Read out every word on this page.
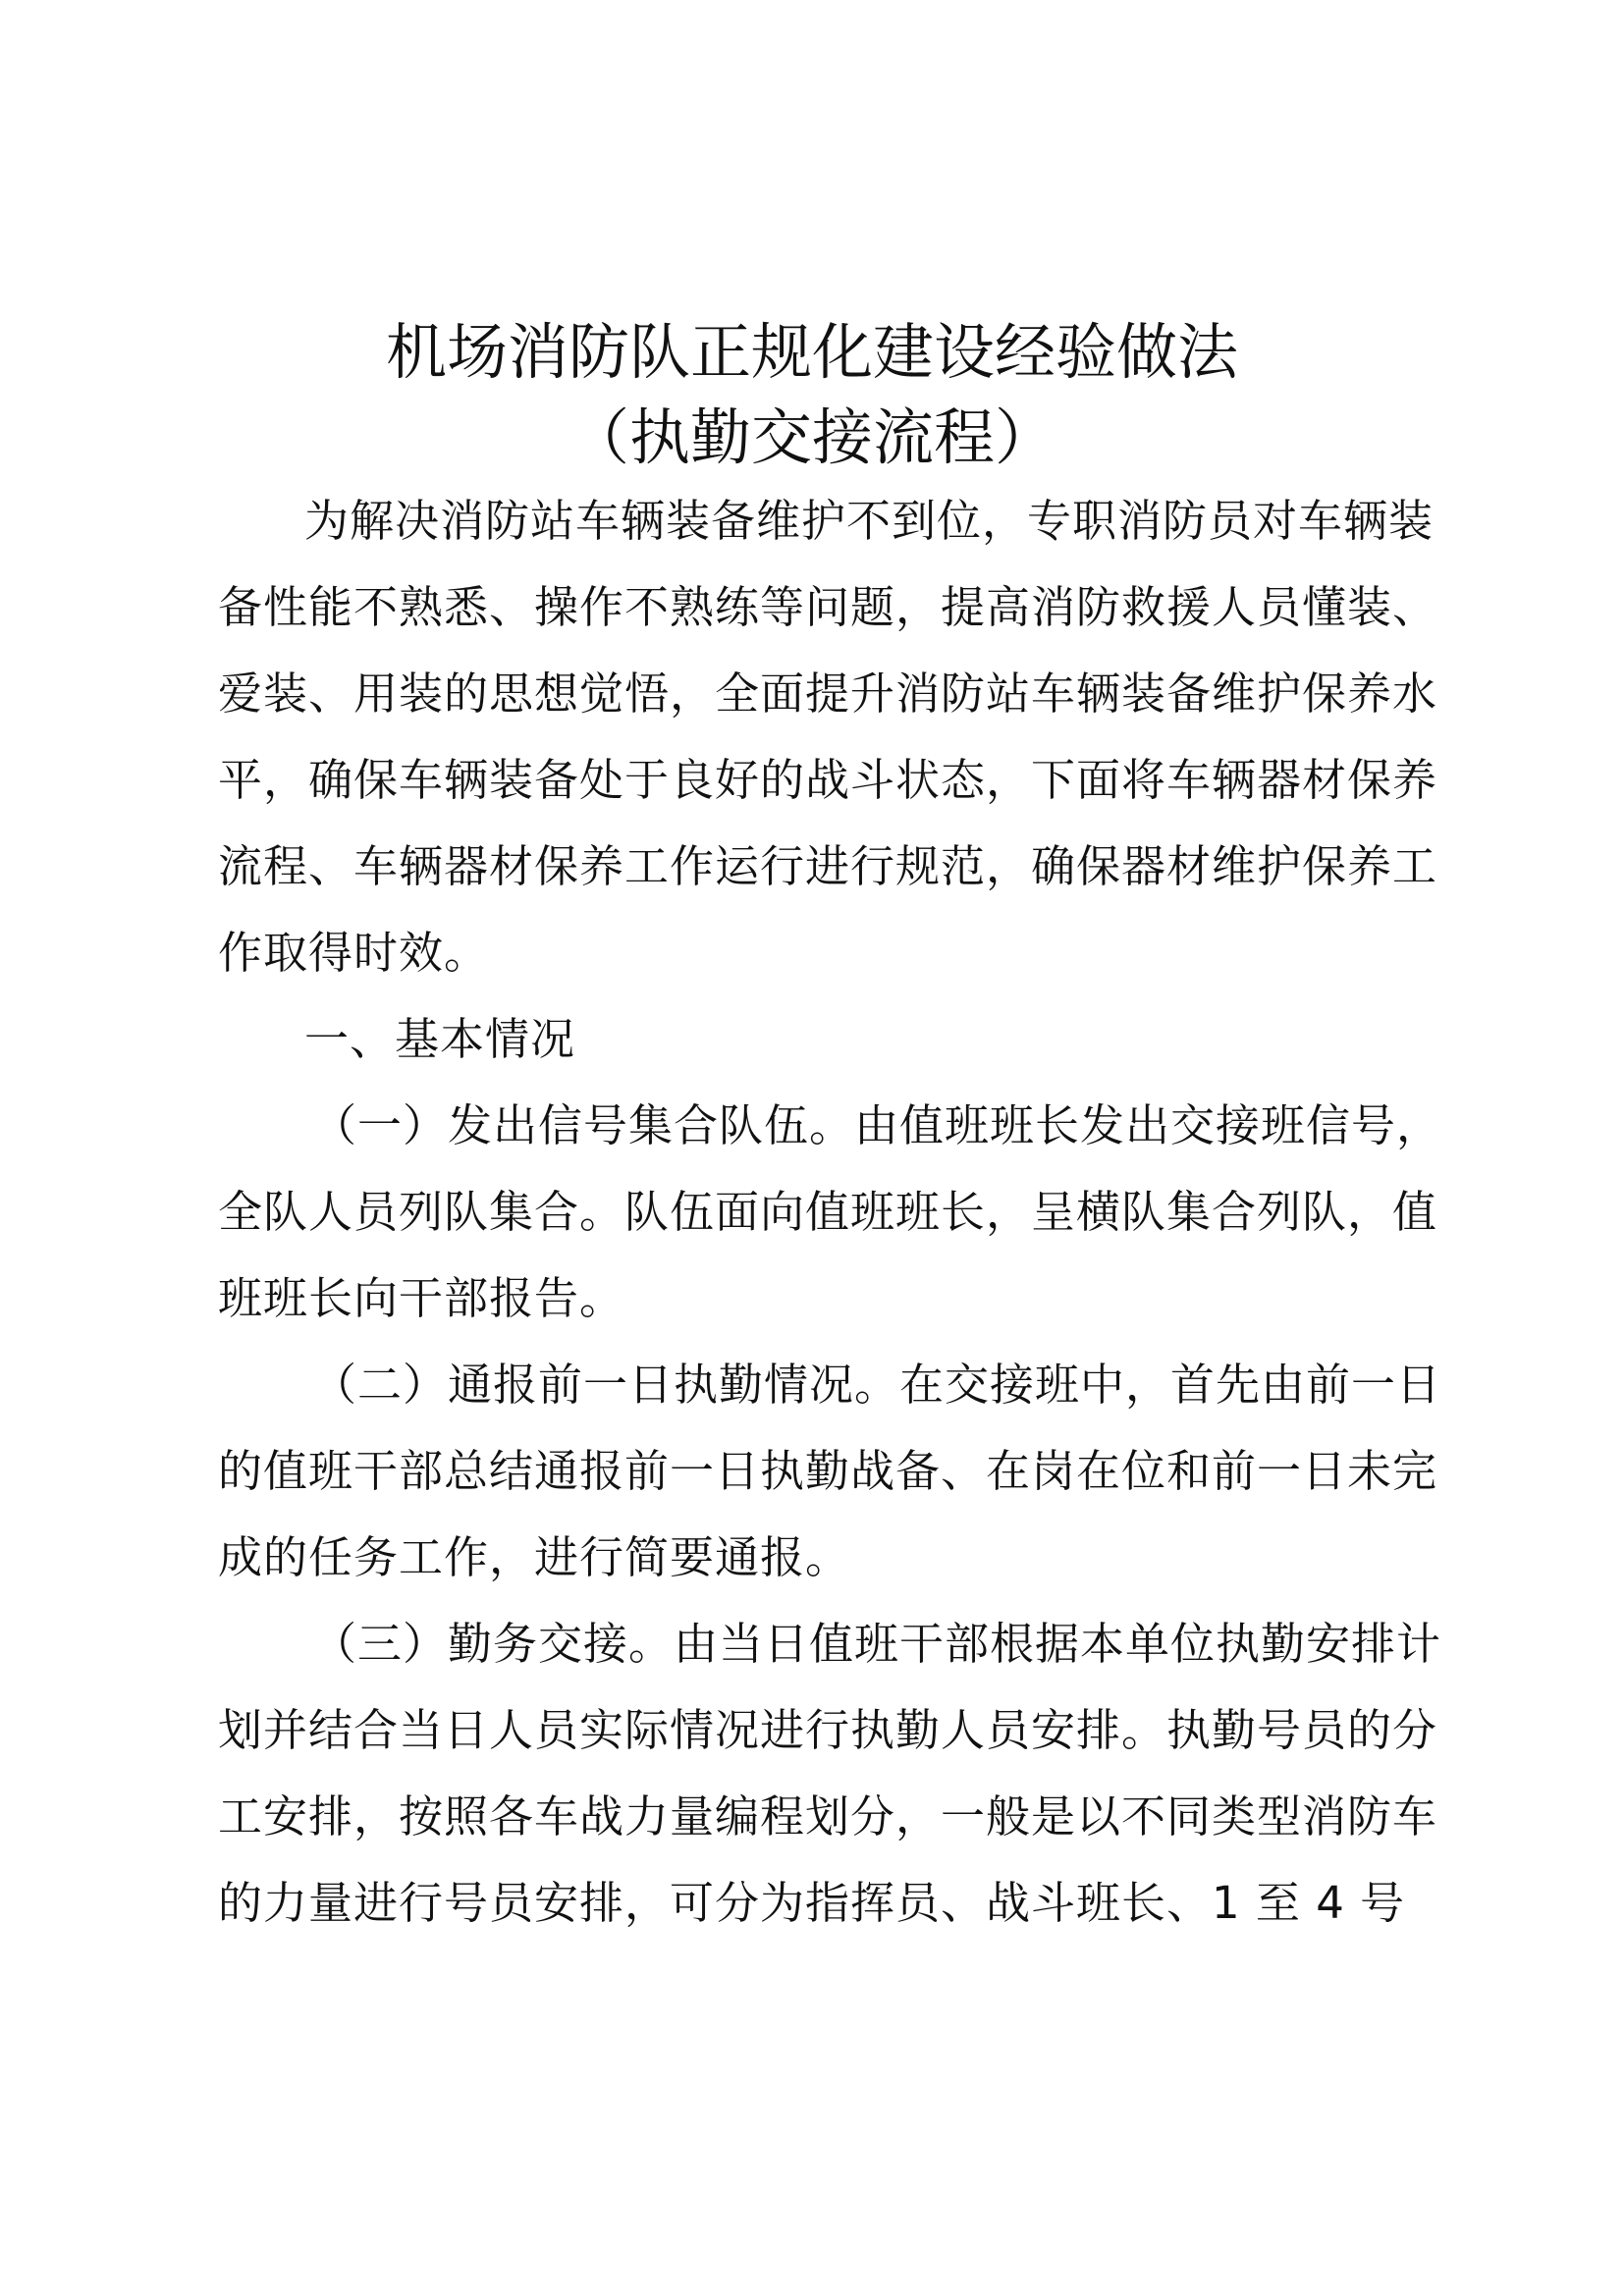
机场消防队正规化建设经验做法
（执勤交接流程）
为解决消防站车辆装备维护不到位，专职消防员对车辆装
备性能不熟悉、操作不熟练等问题，提高消防救援人员懂装、
爱装、用装的思想觉悟，全面提升消防站车辆装备维护保养水
平，确保车辆装备处于良好的战斗状态，下面将车辆器材保养
流程、车辆器材保养工作运行进行规范，确保器材维护保养工
作取得时效。
一、基本情况
（一）发出信号集合队伍。由值班班长发出交接班信号，
全队人员列队集合。队伍面向值班班长，呈横队集合列队，值
班班长向干部报告。
（二）通报前一日执勤情况。在交接班中，首先由前一日
的值班干部总结通报前一日执勤战备、在岗在位和前一日未完
成的任务工作，进行简要通报。
（三）勤务交接。由当日值班干部根据本单位执勤安排计
划并结合当日人员实际情况进行执勤人员安排。执勤号员的分
工安排，按照各车战力量编程划分，一般是以不同类型消防车
的力量进行号员安排，可分为指挥员、战斗班长、1 至 4 号
